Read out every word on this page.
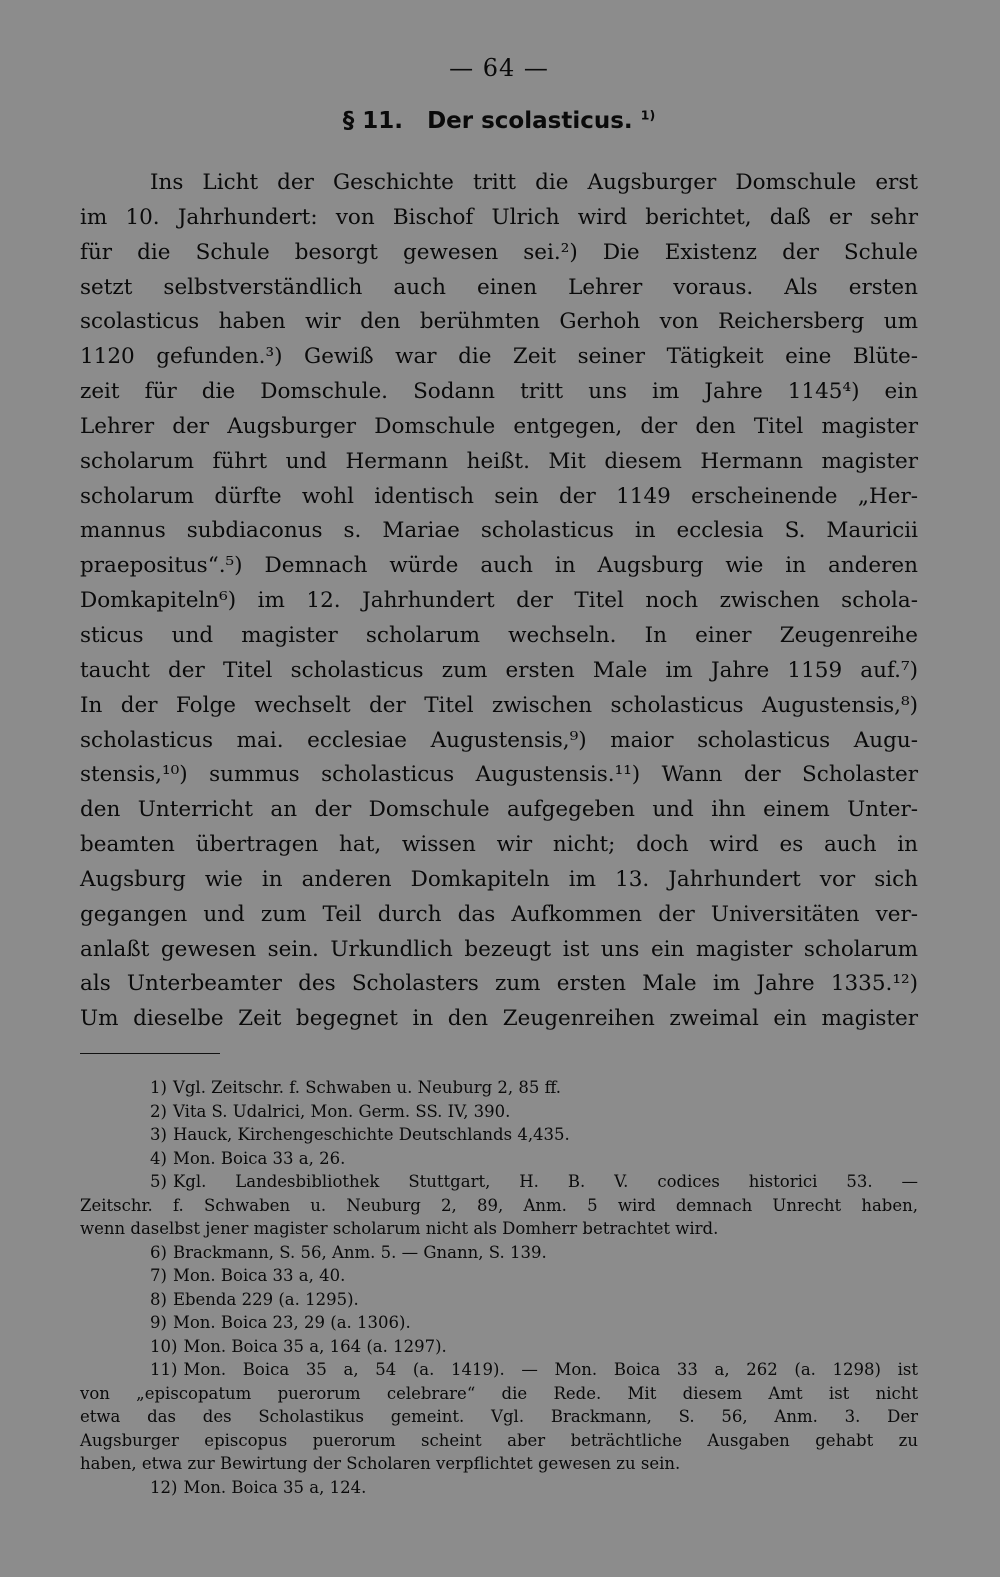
— 64 —
§ 11. Der scolasticus. $^{1)}$
Ins Licht der Geschichte tritt die Augsburger Domschule erst
im 10. Jahrhundert: von Bischof Ulrich wird berichtet, daß er sehr
für die Schule besorgt gewesen sei.²) Die Existenz der Schule
setzt selbstverständlich auch einen Lehrer voraus. Als ersten
scolasticus haben wir den berühmten Gerhoh von Reichersberg um
1120 gefunden.³) Gewiß war die Zeit seiner Tätigkeit eine Blüte-
zeit für die Domschule. Sodann tritt uns im Jahre 1145⁴) ein
Lehrer der Augsburger Domschule entgegen, der den Titel magister
scholarum führt und Hermann heißt. Mit diesem Hermann magister
scholarum dürfte wohl identisch sein der 1149 erscheinende „Her-
mannus subdiaconus s. Mariae scholasticus in ecclesia S. Mauricii
praepositus“.⁵) Demnach würde auch in Augsburg wie in anderen
Domkapiteln⁶) im 12. Jahrhundert der Titel noch zwischen schola-
sticus und magister scholarum wechseln. In einer Zeugenreihe
taucht der Titel scholasticus zum ersten Male im Jahre 1159 auf.⁷)
In der Folge wechselt der Titel zwischen scholasticus Augustensis,⁸)
scholasticus mai. ecclesiae Augustensis,⁹) maior scholasticus Augu-
stensis,¹⁰) summus scholasticus Augustensis.¹¹) Wann der Scholaster
den Unterricht an der Domschule aufgegeben und ihn einem Unter-
beamten übertragen hat, wissen wir nicht; doch wird es auch in
Augsburg wie in anderen Domkapiteln im 13. Jahrhundert vor sich
gegangen und zum Teil durch das Aufkommen der Universitäten ver-
anlaßt gewesen sein. Urkundlich bezeugt ist uns ein magister scholarum
als Unterbeamter des Scholasters zum ersten Male im Jahre 1335.¹²)
Um dieselbe Zeit begegnet in den Zeugenreihen zweimal ein magister
1) Vgl. Zeitschr. f. Schwaben u. Neuburg 2, 85 ff.
2) Vita S. Udalrici, Mon. Germ. SS. IV, 390.
3) Hauck, Kirchengeschichte Deutschlands 4,435.
4) Mon. Boica 33 a, 26.
5) Kgl. Landesbibliothek Stuttgart, H. B. V. codices historici 53. —
Zeitschr. f. Schwaben u. Neuburg 2, 89, Anm. 5 wird demnach Unrecht haben,
wenn daselbst jener magister scholarum nicht als Domherr betrachtet wird.
6) Brackmann, S. 56, Anm. 5. — Gnann, S. 139.
7) Mon. Boica 33 a, 40.
8) Ebenda 229 (a. 1295).
9) Mon. Boica 23, 29 (a. 1306).
10) Mon. Boica 35 a, 164 (a. 1297).
11) Mon. Boica 35 a, 54 (a. 1419). — Mon. Boica 33 a, 262 (a. 1298) ist
von „episcopatum puerorum celebrare“ die Rede. Mit diesem Amt ist nicht
etwa das des Scholastikus gemeint. Vgl. Brackmann, S. 56, Anm. 3. Der
Augsburger episcopus puerorum scheint aber beträchtliche Ausgaben gehabt zu
haben, etwa zur Bewirtung der Scholaren verpflichtet gewesen zu sein.
12) Mon. Boica 35 a, 124.
